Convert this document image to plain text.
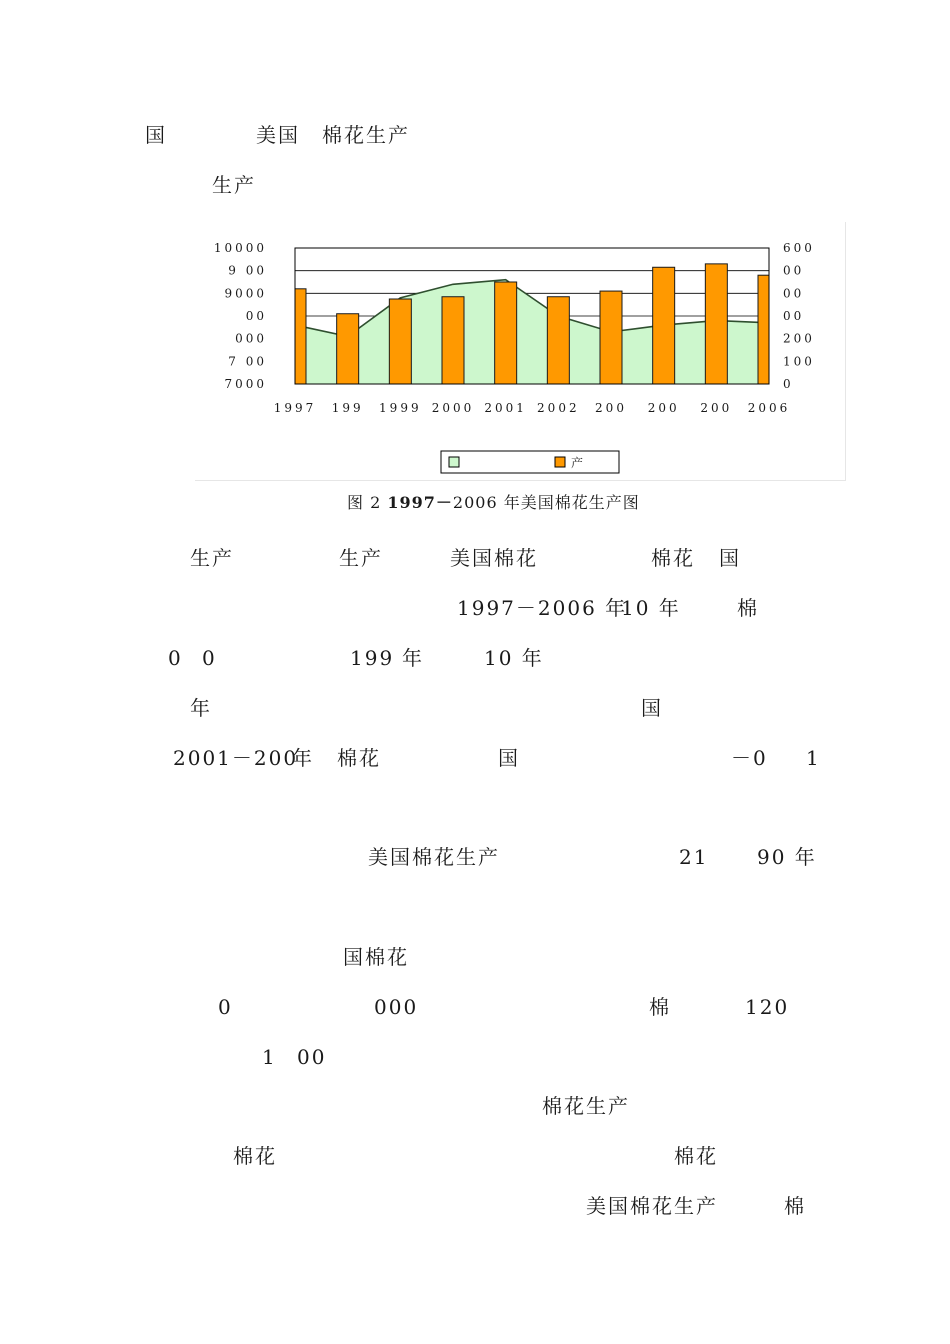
国	美国 棉花生产
生产
10000
9 00
9000
00
000
7 00
7000
600
00
00
00
200
100
0
1997 199 1999 2000 2001 2002 200 200 200 2006
产
图 2 1997－2006 年美国棉花生产图
生产	生产	美国棉花	棉花 国
1997－2006 年
10 年	棉
0 0	199 年	10 年
年	国
2001－200
年 棉花	国	－0 1
美国棉花生产	21 90 年
国棉花
0	000	棉	120
1 00
棉花生产
棉花	棉花
美国棉花生产	棉
